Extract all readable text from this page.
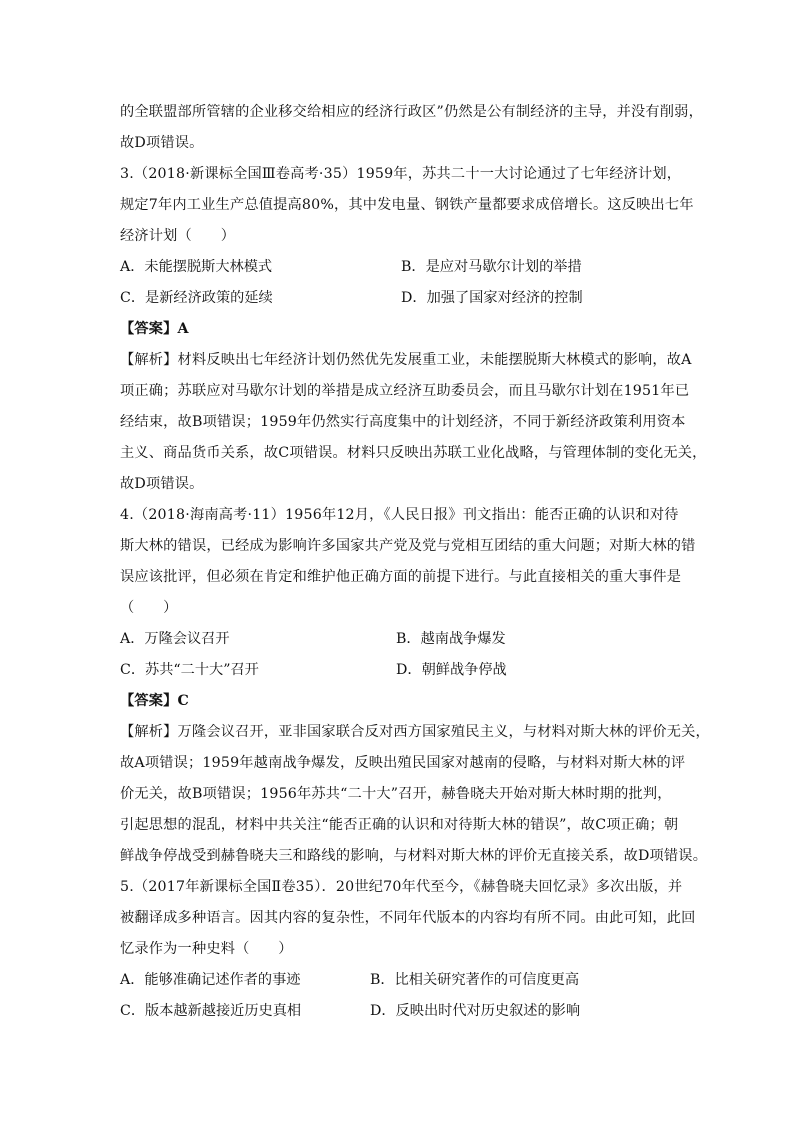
的全联盟部所管辖的企业移交给相应的经济行政区”仍然是公有制经济的主导，并没有削弱，
故D项错误。
3.（2018·新课标全国Ⅲ卷高考·35）1959年，苏共二十一大讨论通过了七年经济计划，
规定7年内工业生产总值提高80%，其中发电量、钢铁产量都要求成倍增长。这反映出七年
经济计划（　　）
A．未能摆脱斯大林模式	B．是应对马歇尔计划的举措
C．是新经济政策的延续	D．加强了国家对经济的控制
【答案】A
【解析】材料反映出七年经济计划仍然优先发展重工业，未能摆脱斯大林模式的影响，故A
项正确；苏联应对马歇尔计划的举措是成立经济互助委员会，而且马歇尔计划在1951年已
经结束，故B项错误；1959年仍然实行高度集中的计划经济，不同于新经济政策利用资本
主义、商品货币关系，故C项错误。材料只反映出苏联工业化战略，与管理体制的变化无关，
故D项错误。
4.（2018·海南高考·11）1956年12月，《人民日报》刊文指出：能否正确的认识和对待
斯大林的错误，已经成为影响许多国家共产党及党与党相互团结的重大问题；对斯大林的错
误应该批评，但必须在肯定和维护他正确方面的前提下进行。与此直接相关的重大事件是
（　　）
A．万隆会议召开	B．越南战争爆发
C．苏共“二十大”召开	D．朝鲜战争停战
【答案】C
【解析】万隆会议召开，亚非国家联合反对西方国家殖民主义，与材料对斯大林的评价无关，
故A项错误；1959年越南战争爆发，反映出殖民国家对越南的侵略，与材料对斯大林的评
价无关，故B项错误；1956年苏共“二十大”召开，赫鲁晓夫开始对斯大林时期的批判，
引起思想的混乱，材料中共关注“能否正确的认识和对待斯大林的错误”，故C项正确；朝
鲜战争停战受到赫鲁晓夫三和路线的影响，与材料对斯大林的评价无直接关系，故D项错误。
5.（2017年新课标全国Ⅱ卷35）．20世纪70年代至今，《赫鲁晓夫回忆录》多次出版，并
被翻译成多种语言。因其内容的复杂性，不同年代版本的内容均有所不同。由此可知，此回
忆录作为一种史料（　　）
A．能够准确记述作者的事迹	B．比相关研究著作的可信度更高
C．版本越新越接近历史真相	D．反映出时代对历史叙述的影响
